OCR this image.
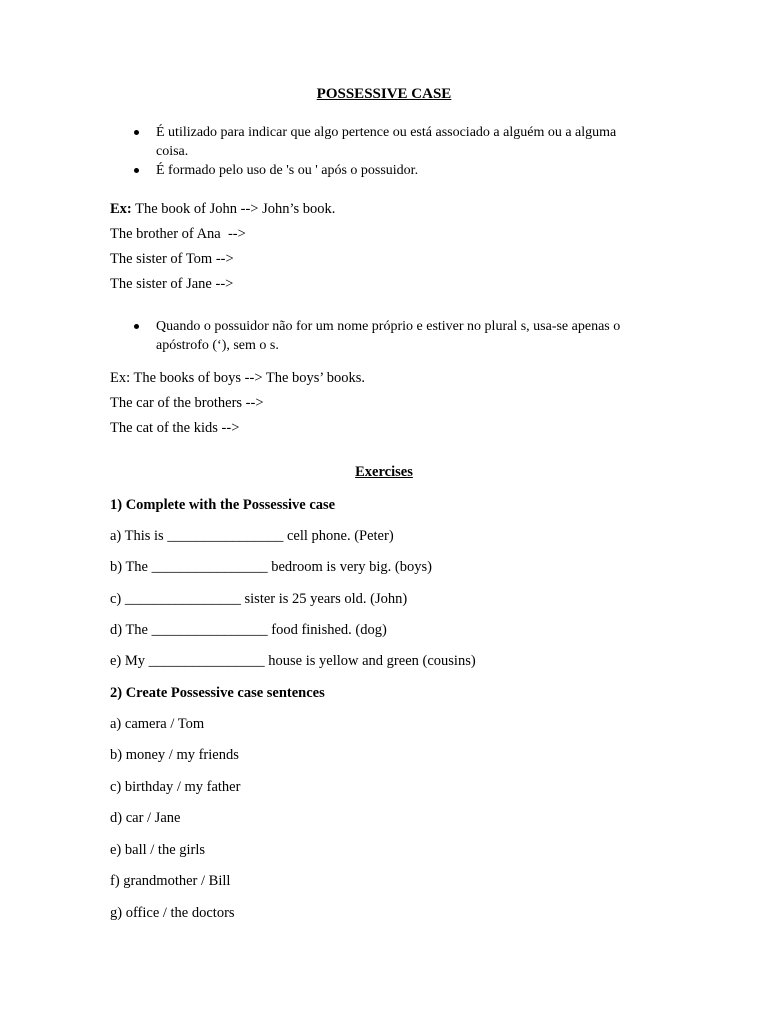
POSSESSIVE CASE
É utilizado para indicar que algo pertence ou está associado a alguém ou a alguma coisa.
É formado pelo uso de 's ou ' após o possuidor.
Ex: The book of John --> John’s book.
The brother of Ana  -->
The sister of Tom -->
The sister of Jane -->
Quando o possuidor não for um nome próprio e estiver no plural s, usa-se apenas o apóstrofo (‘), sem o s.
Ex: The books of boys --> The boys’ books.
The car of the brothers -->
The cat of the kids -->
Exercises
1) Complete with the Possessive case
a) This is ________________ cell phone. (Peter)
b) The ________________ bedroom is very big. (boys)
c) ________________ sister is 25 years old. (John)
d) The ________________ food finished. (dog)
e) My ________________ house is yellow and green (cousins)
2) Create Possessive case sentences
a) camera / Tom
b) money / my friends
c) birthday / my father
d) car / Jane
e) ball / the girls
f) grandmother / Bill
g) office / the doctors
